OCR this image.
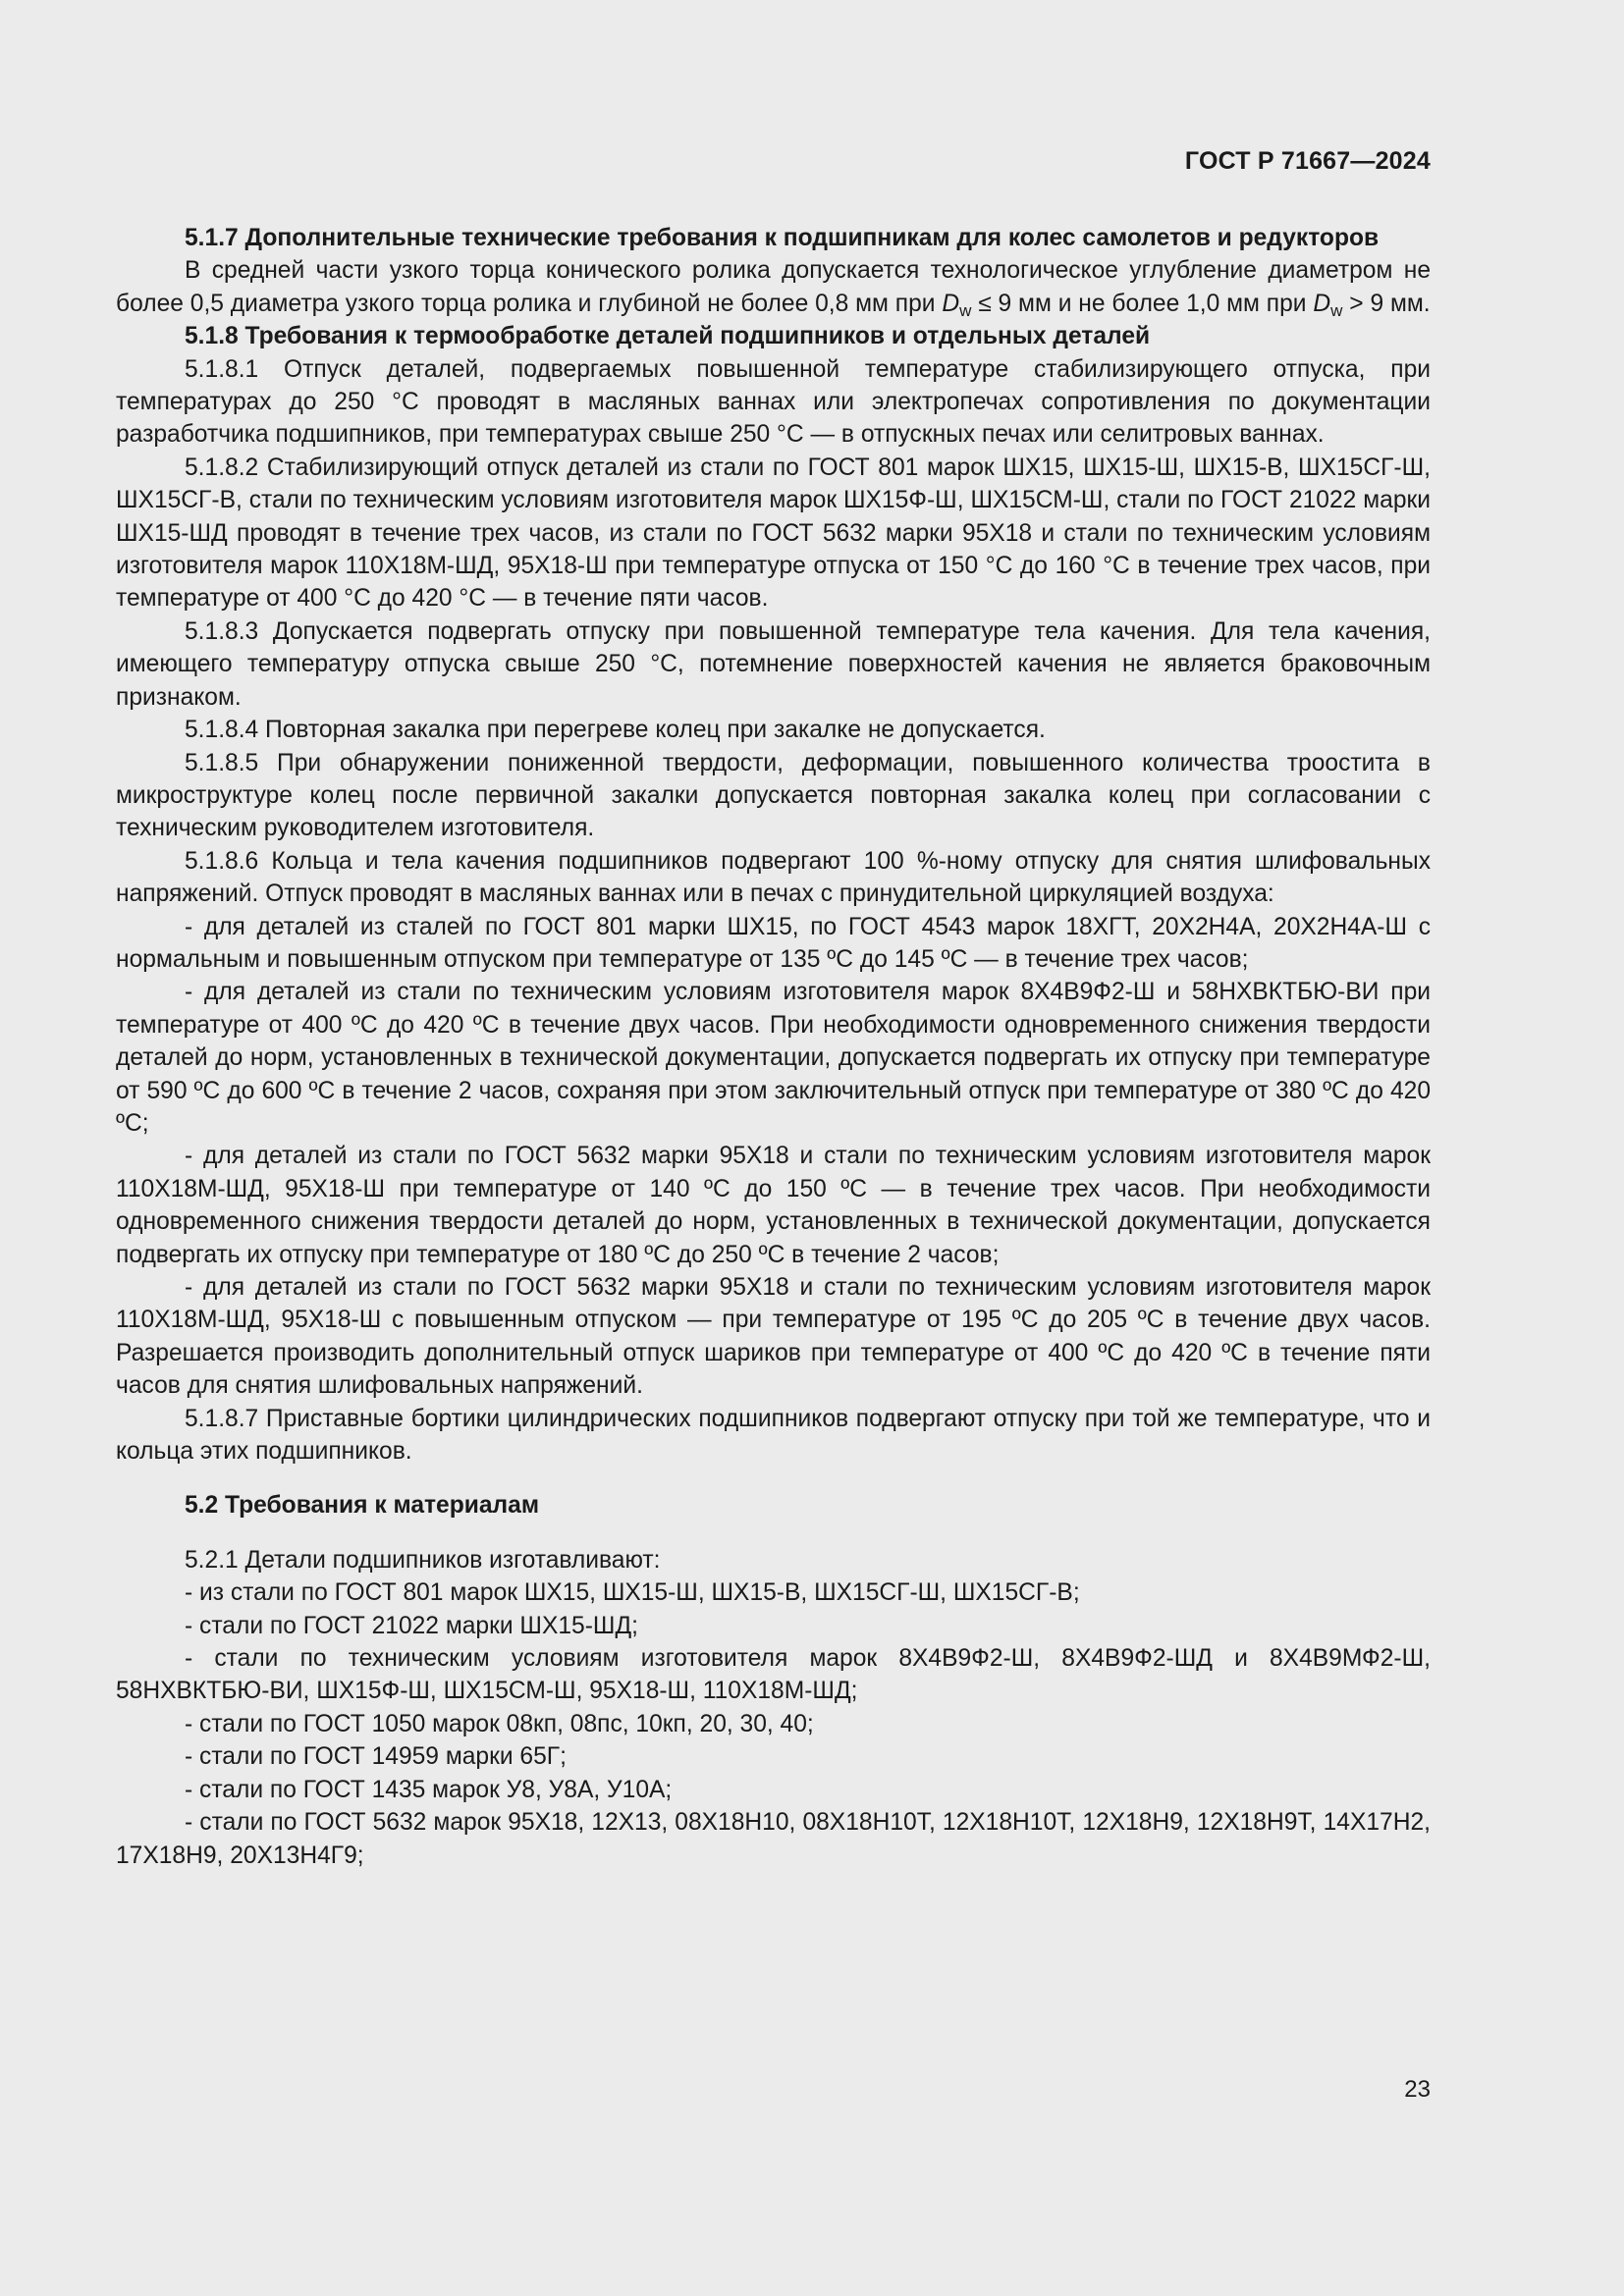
ГОСТ Р 71667—2024

5.1.7 Дополнительные технические требования к подшипникам для колес самолетов и редукторов

В средней части узкого торца конического ролика допускается технологическое углубление диаметром не более 0,5 диаметра узкого торца ролика и глубиной не более 0,8 мм при $D_w \le 9$ мм и не более 1,0 мм при $D_w > 9$ мм.

5.1.8 Требования к термообработке деталей подшипников и отдельных деталей

5.1.8.1 Отпуск деталей, подвергаемых повышенной температуре стабилизирующего отпуска, при температурах до 250 °С проводят в масляных ваннах или электропечах сопротивления по документации разработчика подшипников, при температурах свыше 250 °С — в отпускных печах или селитровых ваннах.

5.1.8.2 Стабилизирующий отпуск деталей из стали по ГОСТ 801 марок ШХ15, ШХ15-Ш, ШХ15-В, ШХ15СГ-Ш, ШХ15СГ-В, стали по техническим условиям изготовителя марок ШХ15Ф-Ш, ШХ15СМ-Ш, стали по ГОСТ 21022 марки ШХ15-ШД проводят в течение трех часов, из стали по ГОСТ 5632 марки 95Х18 и стали по техническим условиям изготовителя марок 110Х18М-ШД, 95Х18-Ш при температуре отпуска от 150 °С до 160 °С в течение трех часов, при температуре от 400 °С до 420 °С — в течение пяти часов.

5.1.8.3 Допускается подвергать отпуску при повышенной температуре тела качения. Для тела качения, имеющего температуру отпуска свыше 250 °С, потемнение поверхностей качения не является браковочным признаком.

5.1.8.4 Повторная закалка при перегреве колец при закалке не допускается.

5.1.8.5 При обнаружении пониженной твердости, деформации, повышенного количества троостита в микроструктуре колец после первичной закалки допускается повторная закалка колец при согласовании с техническим руководителем изготовителя.

5.1.8.6 Кольца и тела качения подшипников подвергают 100 %-ному отпуску для снятия шлифовальных напряжений. Отпуск проводят в масляных ваннах или в печах с принудительной циркуляцией воздуха:

- для деталей из сталей по ГОСТ 801 марки ШХ15, по ГОСТ 4543 марок 18ХГТ, 20Х2Н4А, 20Х2Н4А-Ш с нормальным и повышенным отпуском при температуре от 135 ºС до 145 ºС — в течение трех часов;

- для деталей из стали по техническим условиям изготовителя марок 8Х4В9Ф2-Ш и 58НХВКТБЮ-ВИ при температуре от 400 ºС до 420 ºС в течение двух часов. При необходимости одновременного снижения твердости деталей до норм, установленных в технической документации, допускается подвергать их отпуску при температуре от 590 ºС до 600 ºС в течение 2 часов, сохраняя при этом заключительный отпуск при температуре от 380 ºС до 420 ºС;

- для деталей из стали по ГОСТ 5632 марки 95Х18 и стали по техническим условиям изготовителя марок 110Х18М-ШД, 95Х18-Ш при температуре от 140 ºС до 150 ºС — в течение трех часов. При необходимости одновременного снижения твердости деталей до норм, установленных в технической документации, допускается подвергать их отпуску при температуре от 180 ºС до 250 ºС в течение 2 часов;

- для деталей из стали по ГОСТ 5632 марки 95Х18 и стали по техническим условиям изготовителя марок 110Х18М-ШД, 95Х18-Ш с повышенным отпуском — при температуре от 195 ºС до 205 ºС в течение двух часов. Разрешается производить дополнительный отпуск шариков при температуре от 400 ºС до 420 ºС в течение пяти часов для снятия шлифовальных напряжений.

5.1.8.7 Приставные бортики цилиндрических подшипников подвергают отпуску при той же температуре, что и кольца этих подшипников.

5.2 Требования к материалам

5.2.1 Детали подшипников изготавливают:

- из стали по ГОСТ 801 марок ШХ15, ШХ15-Ш, ШХ15-В, ШХ15СГ-Ш, ШХ15СГ-В;

- стали по ГОСТ 21022 марки ШХ15-ШД;

- стали по техническим условиям изготовителя марок 8Х4В9Ф2-Ш, 8Х4В9Ф2-ШД и 8Х4В9МФ2-Ш, 58НХВКТБЮ-ВИ, ШХ15Ф-Ш, ШХ15СМ-Ш, 95Х18-Ш, 110Х18М-ШД;

- стали по ГОСТ 1050 марок 08кп, 08пс, 10кп, 20, 30, 40;

- стали по ГОСТ 14959 марки 65Г;

- стали по ГОСТ 1435 марок У8, У8А, У10А;

- стали по ГОСТ 5632 марок 95Х18, 12Х13, 08Х18Н10, 08Х18Н10Т, 12Х18Н10Т, 12Х18Н9, 12Х18Н9Т, 14Х17Н2, 17Х18Н9, 20Х13Н4Г9;

23
